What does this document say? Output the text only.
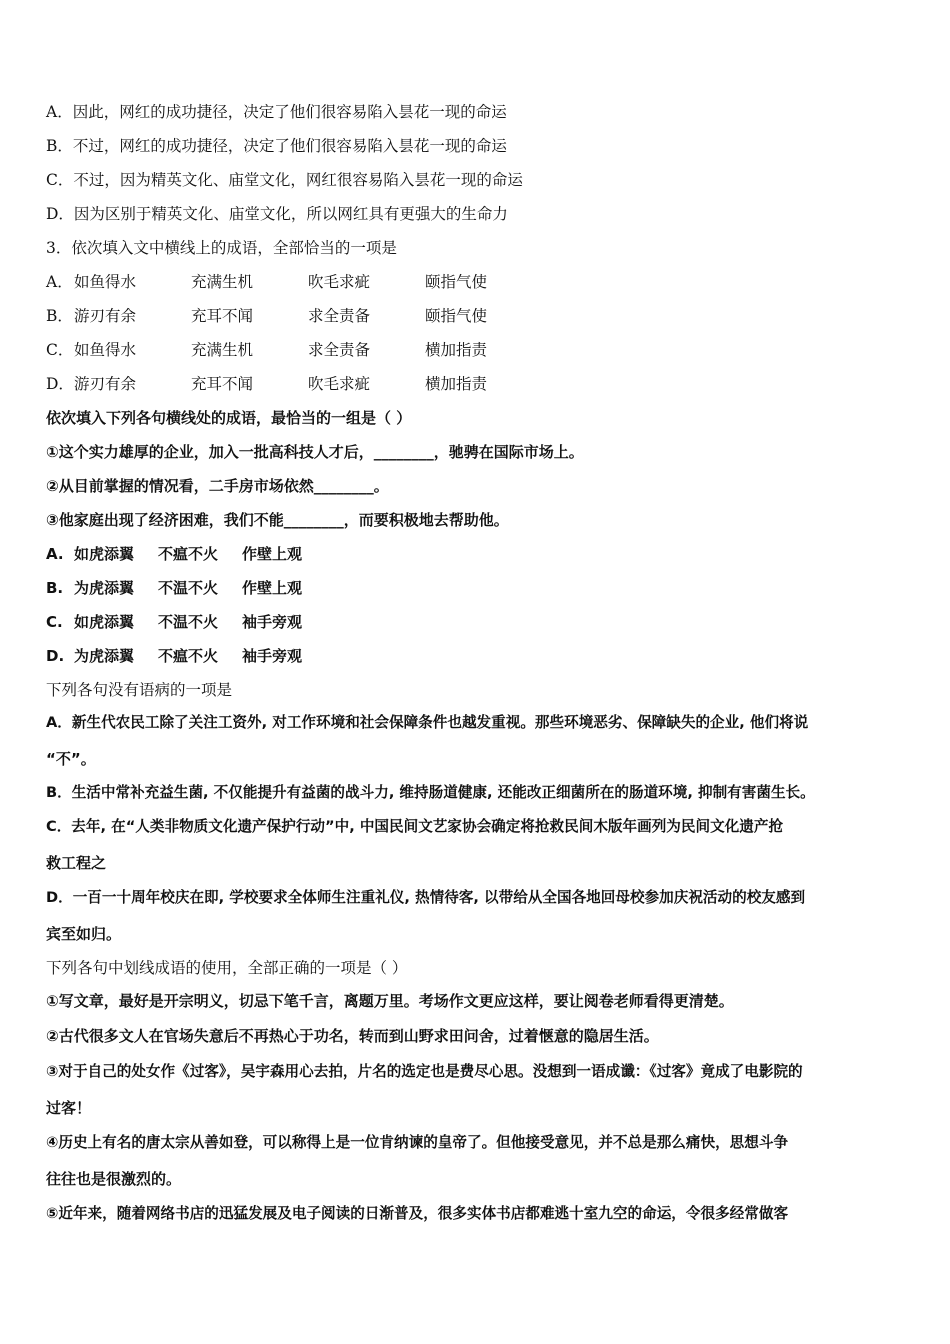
A．因此，网红的成功捷径，决定了他们很容易陷入昙花一现的命运
B．不过，网红的成功捷径，决定了他们很容易陷入昙花一现的命运
C．不过，因为精英文化、庙堂文化，网红很容易陷入昙花一现的命运
D．因为区别于精英文化、庙堂文化，所以网红具有更强大的生命力
3．依次填入文中横线上的成语，全部恰当的一项是
A．如鱼得水	充满生机	吹毛求疵	颐指气使
B．游刃有余	充耳不闻	求全责备	颐指气使
C．如鱼得水	充满生机	求全责备	横加指责
D．游刃有余	充耳不闻	吹毛求疵	横加指责
依次填入下列各句横线处的成语，最恰当的一组是（ ）
①这个实力雄厚的企业，加入一批高科技人才后，________，驰骋在国际市场上。
②从目前掌握的情况看，二手房市场依然________。
③他家庭出现了经济困难，我们不能________，而要积极地去帮助他。
A. 如虎添翼 不瘟不火 作壁上观
B. 为虎添翼 不温不火 作壁上观
C. 如虎添翼 不温不火 袖手旁观
D. 为虎添翼 不瘟不火 袖手旁观
下列各句没有语病的一项是
A．新生代农民工除了关注工资外, 对工作环境和社会保障条件也越发重视。那些环境恶劣、保障缺失的企业, 他们将说
“不”。
B．生活中常补充益生菌, 不仅能提升有益菌的战斗力, 维持肠道健康, 还能改正细菌所在的肠道环境, 抑制有害菌生长。
C．去年, 在“人类非物质文化遗产保护行动”中, 中国民间文艺家协会确定将抢救民间木版年画列为民间文化遗产抢
救工程之
D．一百一十周年校庆在即, 学校要求全体师生注重礼仪, 热情待客, 以带给从全国各地回母校参加庆祝活动的校友感到
宾至如归。
下列各句中划线成语的使用，全部正确的一项是（ ）
①写文章，最好是开宗明义，切忌下笔千言，离题万里。考场作文更应这样，要让阅卷老师看得更清楚。
②古代很多文人在官场失意后不再热心于功名，转而到山野求田问舍，过着惬意的隐居生活。
③对于自己的处女作《过客》，吴宇森用心去拍，片名的选定也是费尽心思。没想到一语成谶：《过客》竟成了电影院的
过客！
④历史上有名的唐太宗从善如登，可以称得上是一位肯纳谏的皇帝了。但他接受意见，并不总是那么痛快，思想斗争
往往也是很激烈的。
⑤近年来，随着网络书店的迅猛发展及电子阅读的日渐普及，很多实体书店都难逃十室九空的命运，令很多经常做客
